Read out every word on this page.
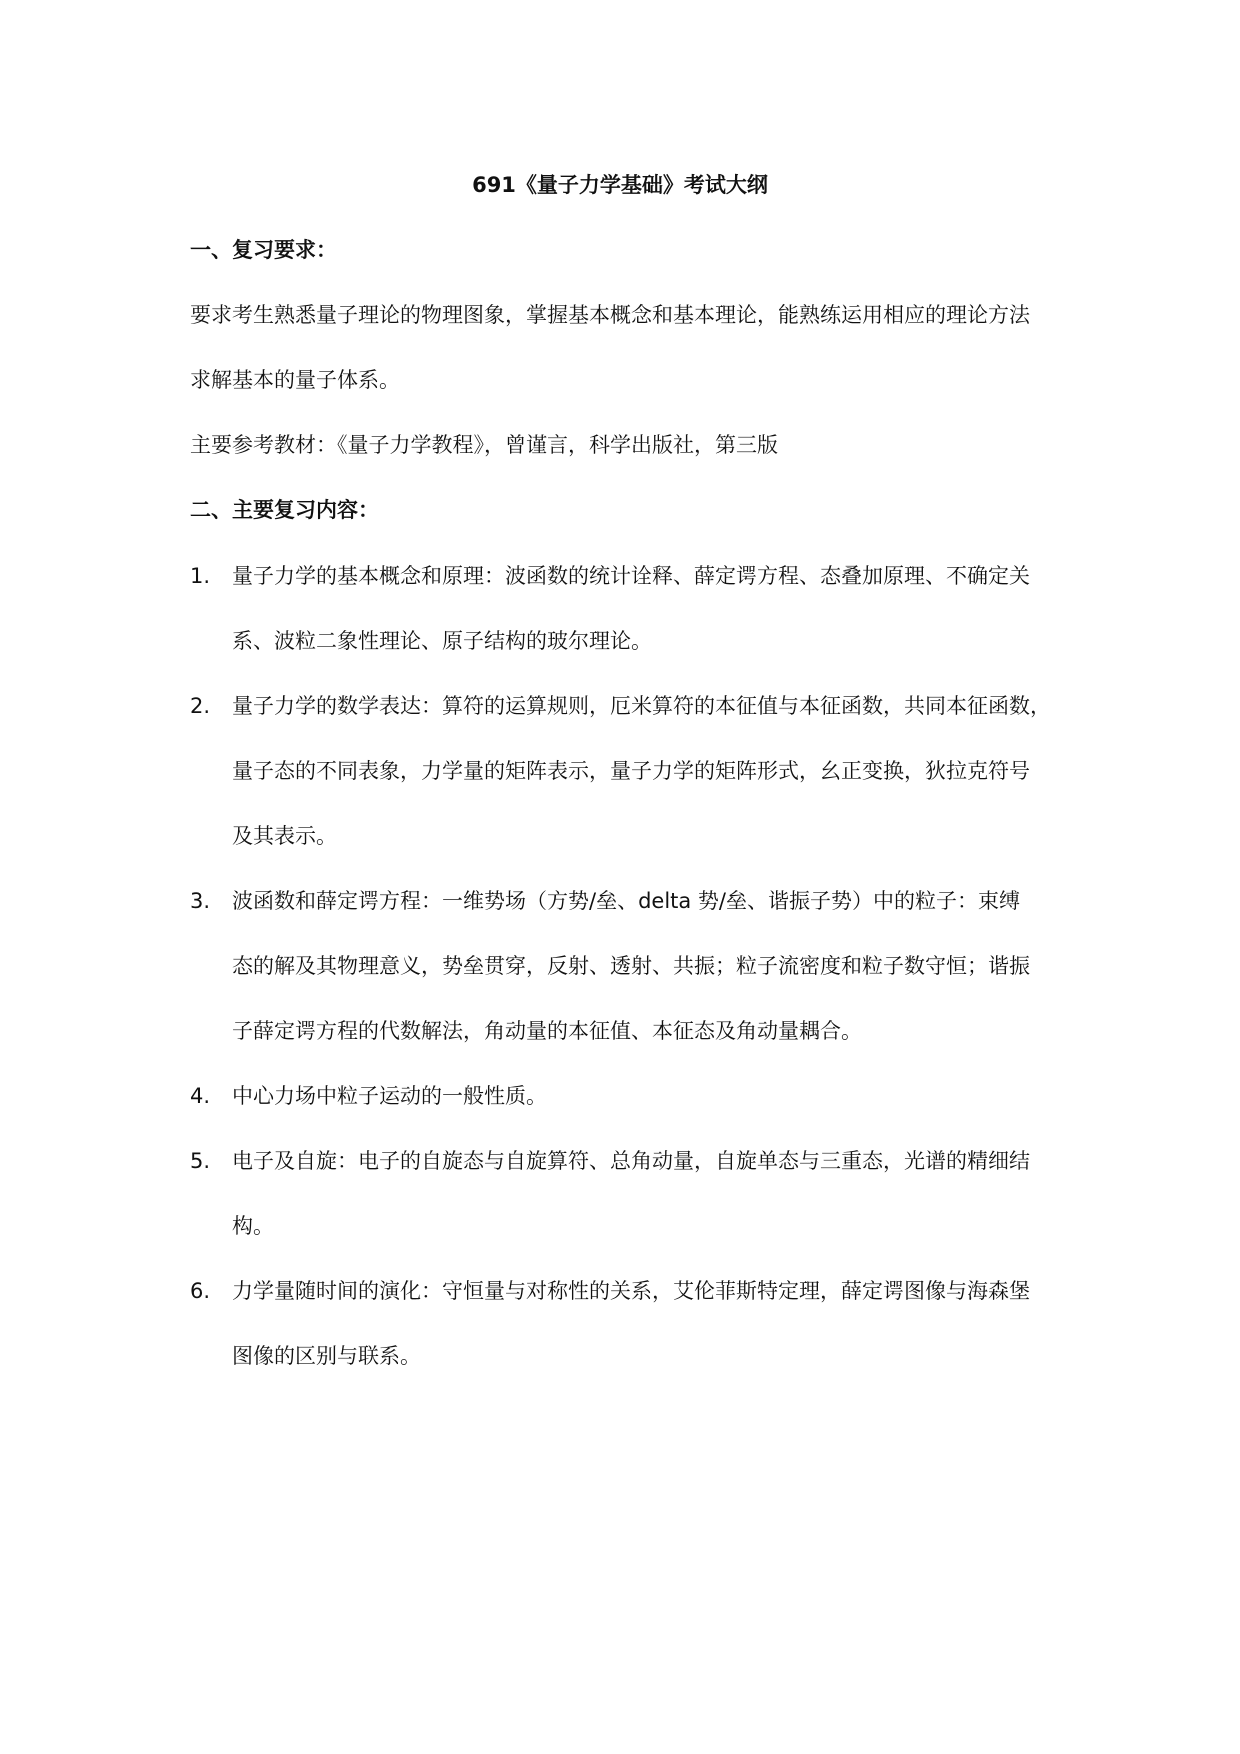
691《量子力学基础》考试大纲
一、复习要求：
要求考生熟悉量子理论的物理图象，掌握基本概念和基本理论，能熟练运用相应的理论方法
求解基本的量子体系。
主要参考教材：《量子力学教程》，曾谨言，科学出版社，第三版
二、主要复习内容：
1. 量子力学的基本概念和原理：波函数的统计诠释、薛定谔方程、态叠加原理、不确定关
系、波粒二象性理论、原子结构的玻尔理论。
2. 量子力学的数学表达：算符的运算规则，厄米算符的本征值与本征函数，共同本征函数，
量子态的不同表象，力学量的矩阵表示，量子力学的矩阵形式，幺正变换，狄拉克符号
及其表示。
3. 波函数和薛定谔方程：一维势场（方势/垒、delta 势/垒、谐振子势）中的粒子：束缚
态的解及其物理意义，势垒贯穿，反射、透射、共振；粒子流密度和粒子数守恒；谐振
子薛定谔方程的代数解法，角动量的本征值、本征态及角动量耦合。
4. 中心力场中粒子运动的一般性质。
5. 电子及自旋：电子的自旋态与自旋算符、总角动量，自旋单态与三重态，光谱的精细结
构。
6. 力学量随时间的演化：守恒量与对称性的关系，艾伦菲斯特定理，薛定谔图像与海森堡
图像的区别与联系。
